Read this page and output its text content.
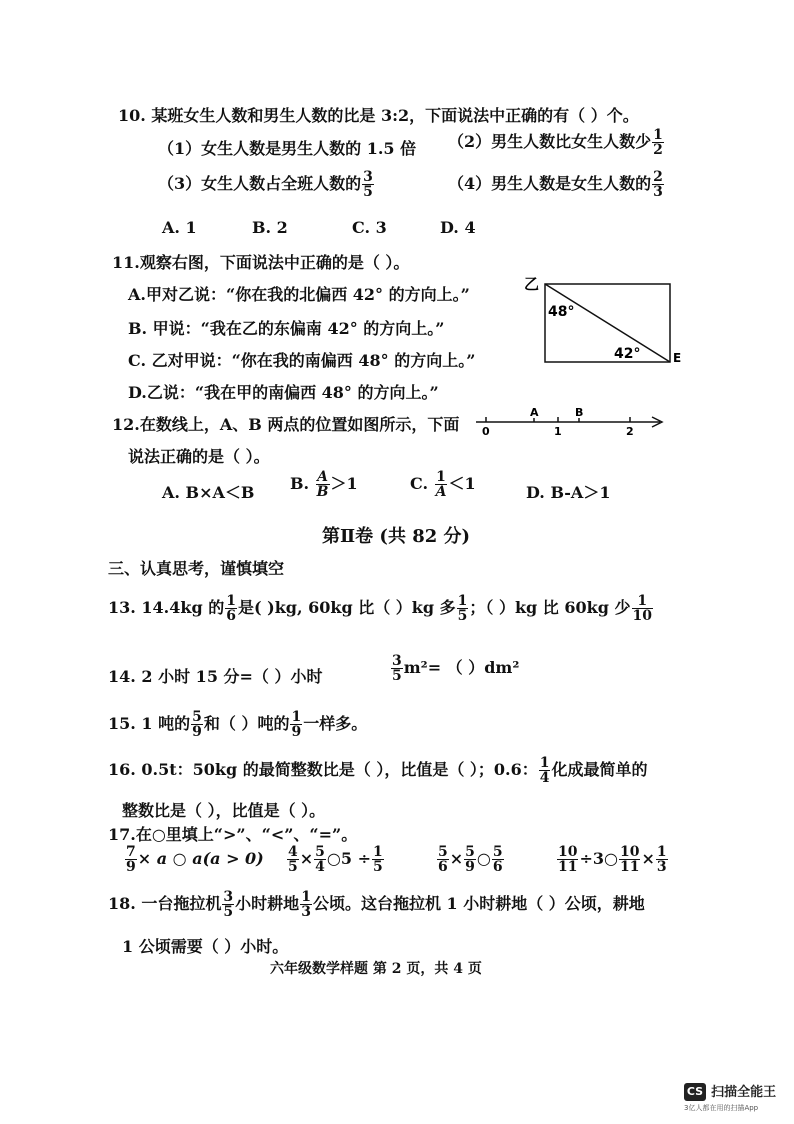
10. 某班女生人数和男生人数的比是 3:2，下面说法中正确的有（ ）个。
（1）女生人数是男生人数的 1.5 倍 （2）男生人数比女生人数少 $\frac{1}{2}$
（3）女生人数占全班人数的 $\frac{3}{5}$	（4）男生人数是女生人数的 $\frac{2}{3}$
A. 1	B. 2	C. 3	D. 4
11.观察右图，下面说法中正确的是（ ）。
A.甲对乙说：“你在我的北偏西 42° 的方向上。”
B. 甲说：“我在乙的东偏南 42° 的方向上。”
C. 乙对甲说：“你在我的南偏西 48° 的方向上。”
D.乙说：“我在甲的南偏西 48° 的方向上。”
乙
E
48°
42°
12.在数线上，A、B 两点的位置如图所示，下面
说法正确的是（ ）。
0	1	2
A	B
A. B×A＜B B. $\frac{A}{B} >1$	C. $\frac{1}{A} <1$	D. B-A＞1
第Ⅱ卷 (共 82 分)
三、认真思考，谨慎填空
13. 14.4kg 的 $\frac{1}{6}$ 是( )kg, 60kg 比（ ）kg 多 $\frac{1}{5}$ ；（ ）kg 比 60kg 少 $\frac{1}{10}$
14. 2 小时 15 分=（ ）小时	$\frac{3}{5} m^2=$ （ ）dm²
15. 1 吨的 $\frac{5}{9}$ 和（ ）吨的 $\frac{1}{9}$ 一样多。
16. 0.5t：50kg 的最简整数比是（ ），比值是（ ）；0.6： $\frac{1}{4}$ 化成最简单的
整数比是（ ），比值是（ ）。
17.在○里填上“>”、“<”、“=”。
$\frac{7}{9} \times a$ ○ $a(a > 0) \frac{4}{5} \times \frac{5}{4}$ ○5 ÷ $\frac{1}{5}$	$\frac{5}{6} \times \frac{5}{9}$ ○ $\frac{5}{6}$	$\frac{10}{11}$ ÷3○ $\frac{10}{11} \times \frac{1}{3}$
18. 一台拖拉机 $\frac{3}{5}$ 小时耕地 $\frac{1}{3}$ 公顷。这台拖拉机 1 小时耕地（ ）公顷，耕地
1 公顷需要（ ）小时。
六年级数学样题 第 2 页，共 4 页
CS 扫描全能王
3亿人都在用的扫描App
